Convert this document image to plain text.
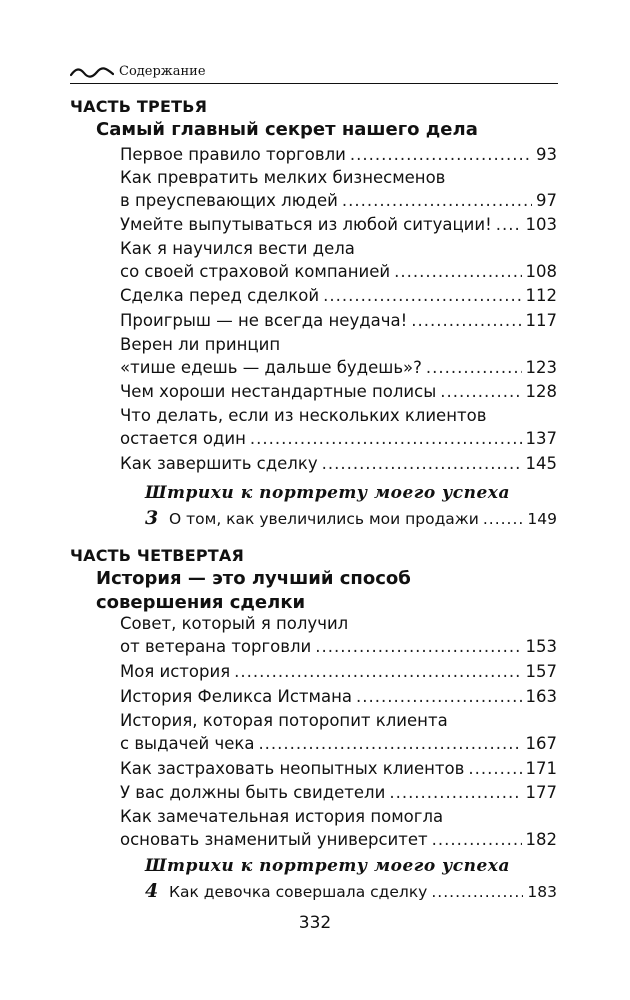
Содержание
ЧАСТЬ ТРЕТЬЯ
Самый главный секрет нашего дела
Первое правило торговли .....	93
Как превратить мелких бизнесменов
в преуспевающих людей .....	97
Умейте выпутываться из любой ситуации! ..... 103
Как я научился вести дела
со своей страховой компанией .....	108
Сделка перед сделкой .....	112
Проигрыш — не всегда неудача! .....	117
Верен ли принцип
«тише едешь — дальше будешь»? .....	123
Чем хороши нестандартные полисы .....	128
Что делать, если из нескольких клиентов
остается один .....	137
Как завершить сделку .....	145
Штрихи к портрету моего успеха
3 О том, как увеличились мои продажи .....	149
ЧАСТЬ ЧЕТВЕРТАЯ
История — это лучший способ
совершения сделки
Совет, который я получил
от ветерана торговли .....	153
Моя история .....	157
История Феликса Истмана .....	163
История, которая поторопит клиента
с выдачей чека .....	167
Как застраховать неопытных клиентов .....	171
У вас должны быть свидетели .....	177
Как замечательная история помогла
основать знаменитый университет .....	182
Штрихи к портрету моего успеха
4 Как девочка совершала сделку .....	183
332
